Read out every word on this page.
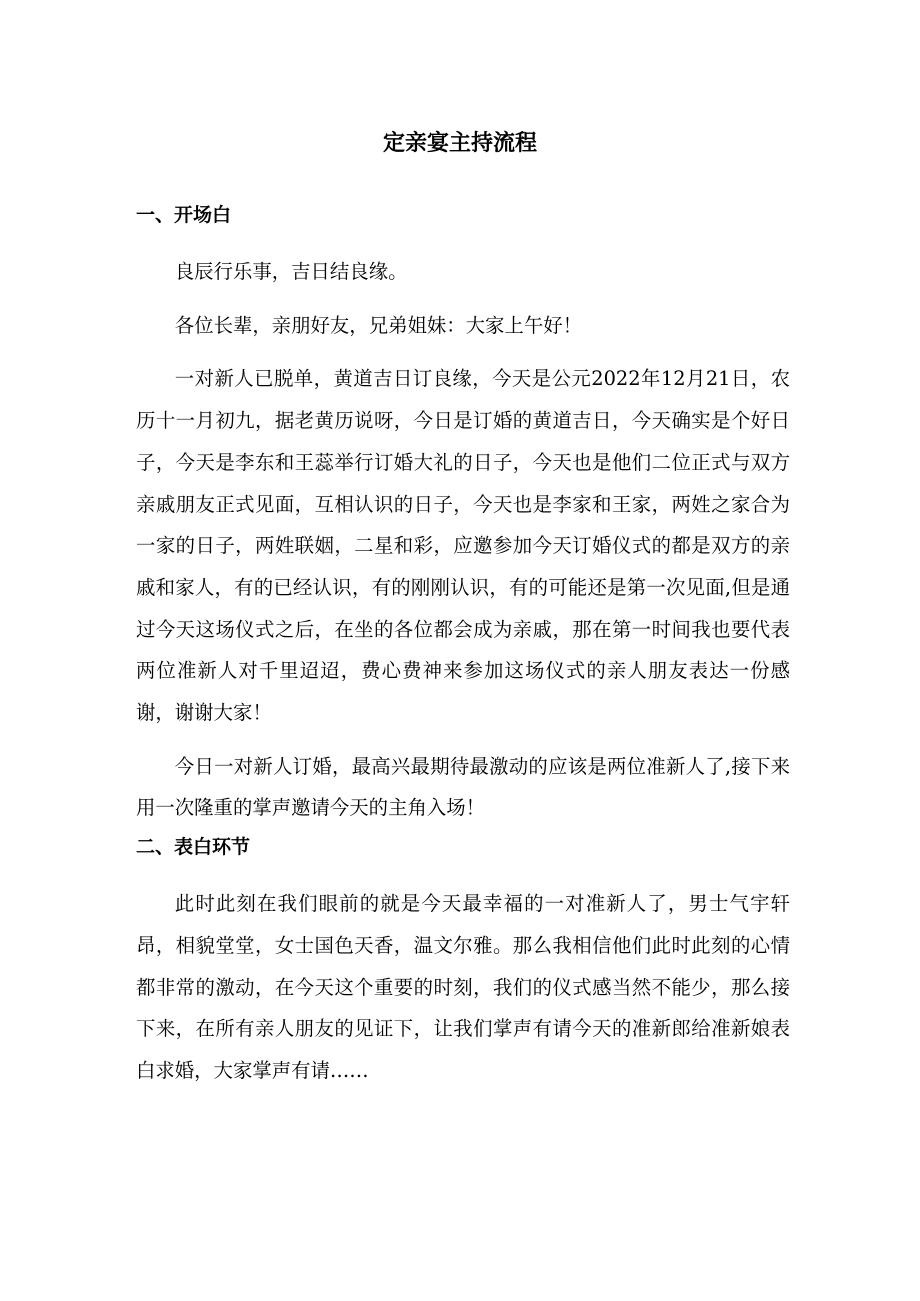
定亲宴主持流程
一、开场白

良辰行乐事，吉日结良缘。

各位长辈，亲朋好友，兄弟姐妹：大家上午好！

一对新人已脱单，黄道吉日订良缘，今天是公元2022年12月21日，农历十一月初九，据老黄历说呀，今日是订婚的黄道吉日，今天确实是个好日子，今天是李东和王蕊举行订婚大礼的日子，今天也是他们二位正式与双方亲戚朋友正式见面，互相认识的日子，今天也是李家和王家，两姓之家合为一家的日子，两姓联姻，二星和彩，应邀参加今天订婚仪式的都是双方的亲戚和家人，有的已经认识，有的刚刚认识，有的可能还是第一次见面,但是通过今天这场仪式之后，在坐的各位都会成为亲戚，那在第一时间我也要代表两位准新人对千里迢迢，费心费神来参加这场仪式的亲人朋友表达一份感谢，谢谢大家！

今日一对新人订婚，最高兴最期待最激动的应该是两位准新人了,接下来用一次隆重的掌声邀请今天的主角入场！

二、表白环节

此时此刻在我们眼前的就是今天最幸福的一对准新人了，男士气宇轩昂，相貌堂堂，女士国色天香，温文尔雅。那么我相信他们此时此刻的心情都非常的激动，在今天这个重要的时刻，我们的仪式感当然不能少，那么接下来，在所有亲人朋友的见证下，让我们掌声有请今天的准新郎给准新娘表白求婚，大家掌声有请……
